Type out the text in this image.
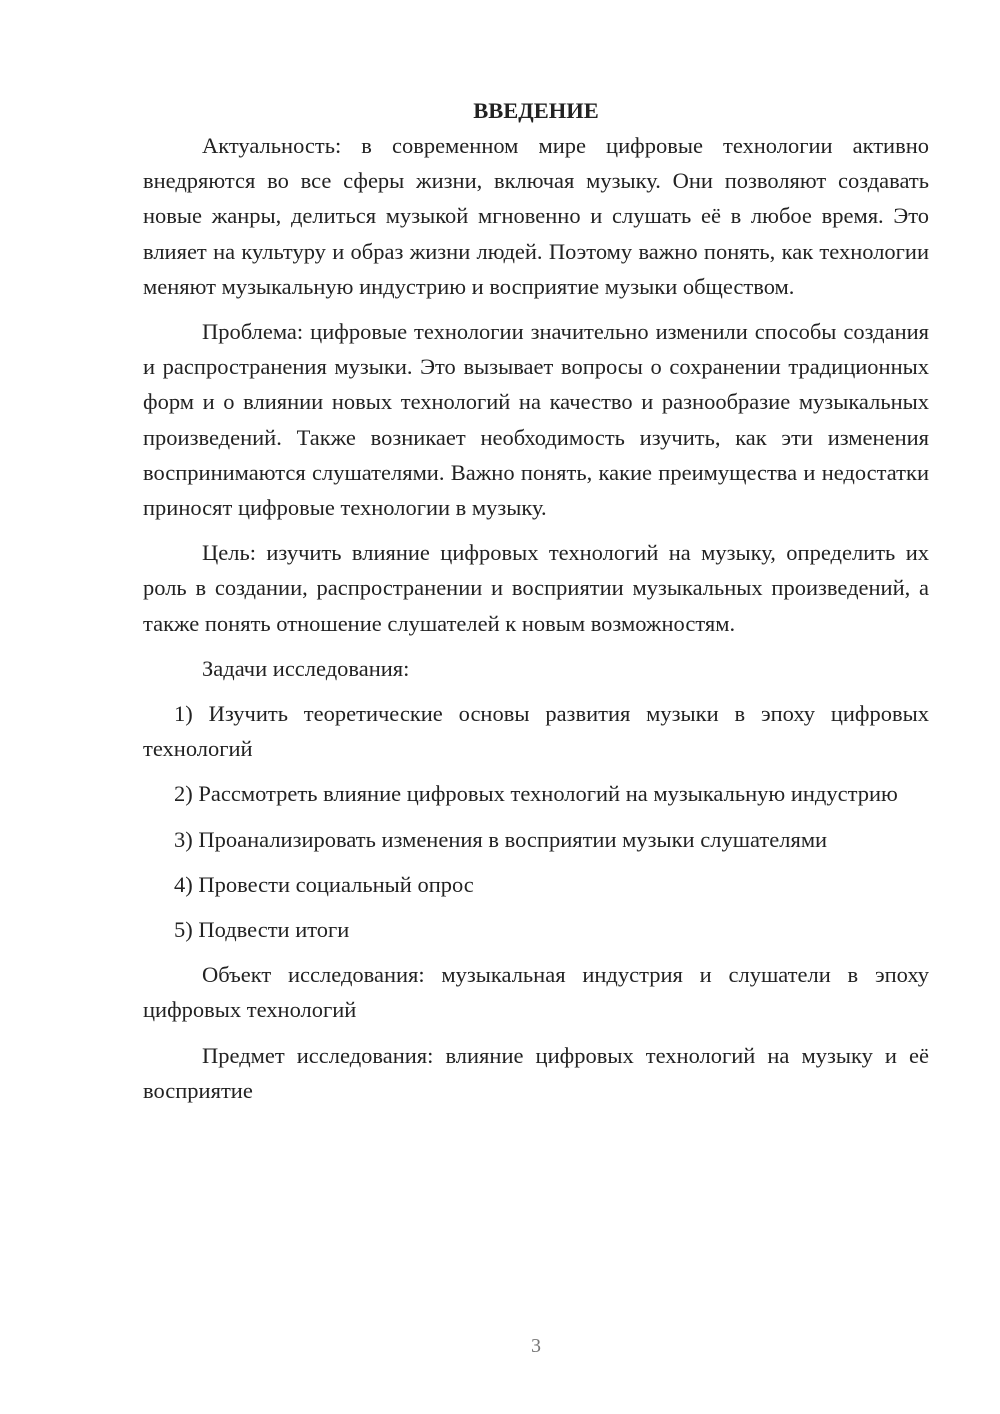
ВВЕДЕНИЕ

Актуальность: в современном мире цифровые технологии активно внедряются во все сферы жизни, включая музыку. Они позволяют создавать новые жанры, делиться музыкой мгновенно и слушать её в любое время. Это влияет на культуру и образ жизни людей. Поэтому важно понять, как технологии меняют музыкальную индустрию и восприятие музыки обществом.

Проблема: цифровые технологии значительно изменили способы создания и распространения музыки. Это вызывает вопросы о сохранении традиционных форм и о влиянии новых технологий на качество и разнообразие музыкальных произведений. Также возникает необходимость изучить, как эти изменения воспринимаются слушателями. Важно понять, какие преимущества и недостатки приносят цифровые технологии в музыку.

Цель: изучить влияние цифровых технологий на музыку, определить их роль в создании, распространении и восприятии музыкальных произведений, а также понять отношение слушателей к новым возможностям.

Задачи исследования:

1) Изучить теоретические основы развития музыки в эпоху цифровых технологий

2) Рассмотреть влияние цифровых технологий на музыкальную индустрию

3) Проанализировать изменения в восприятии музыки слушателями

4) Провести социальный опрос

5) Подвести итоги

Объект исследования: музыкальная индустрия и слушатели в эпоху цифровых технологий

Предмет исследования: влияние цифровых технологий на музыку и её восприятие

3
